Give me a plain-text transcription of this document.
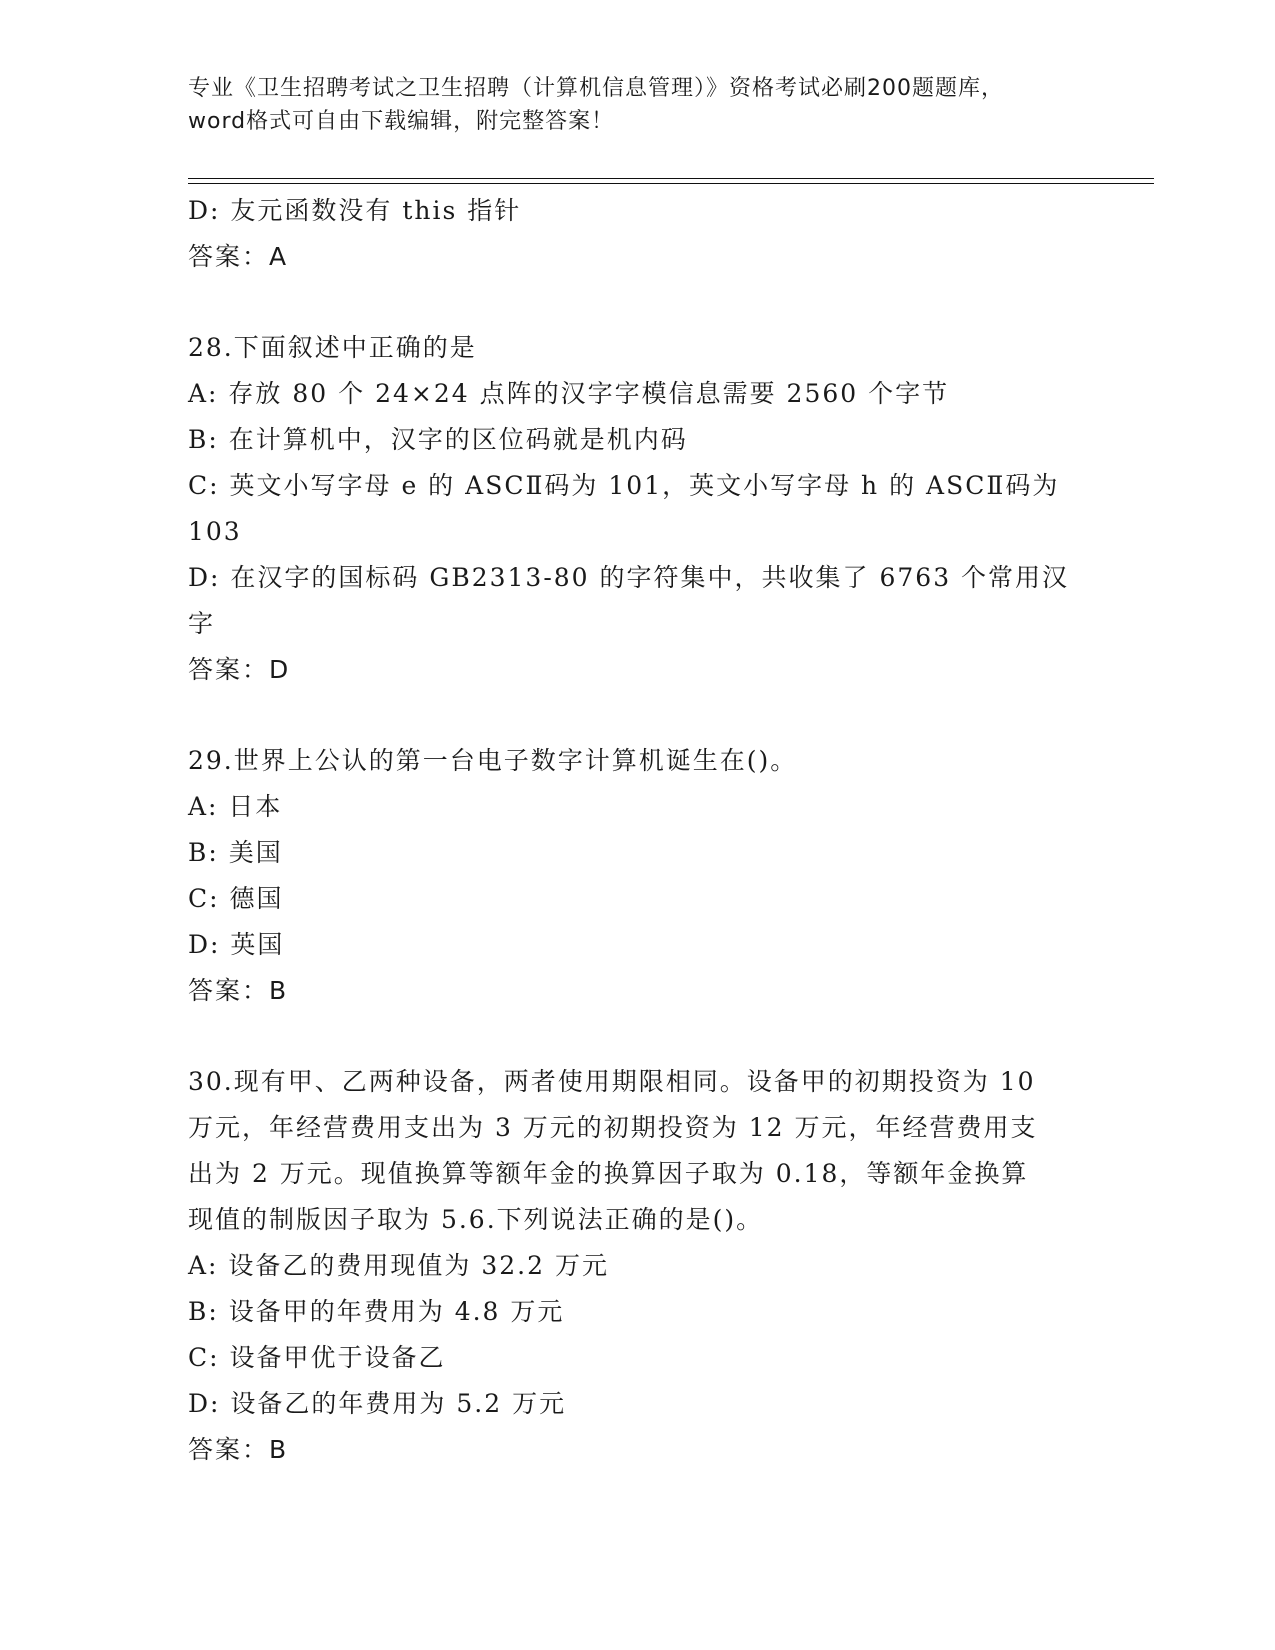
专业《卫生招聘考试之卫生招聘（计算机信息管理）》资格考试必刷200题题库，
word格式可自由下载编辑，附完整答案！

D: 友元函数没有 this 指针

答案：A

28.下面叙述中正确的是

A: 存放 80 个 24×24 点阵的汉字字模信息需要 2560 个字节

B: 在计算机中，汉字的区位码就是机内码

C: 英文小写字母 e 的 ASCⅡ码为 101，英文小写字母 h 的 ASCⅡ码为

103

D: 在汉字的国标码 GB2313-80 的字符集中，共收集了 6763 个常用汉

字

答案：D

29.世界上公认的第一台电子数字计算机诞生在()。

A: 日本

B: 美国

C: 德国

D: 英国

答案：B

30.现有甲、乙两种设备，两者使用期限相同。设备甲的初期投资为 10

万元，年经营费用支出为 3 万元的初期投资为 12 万元，年经营费用支

出为 2 万元。现值换算等额年金的换算因子取为 0.18，等额年金换算

现值的制版因子取为 5.6.下列说法正确的是()。

A: 设备乙的费用现值为 32.2 万元

B: 设备甲的年费用为 4.8 万元

C: 设备甲优于设备乙

D: 设备乙的年费用为 5.2 万元

答案：B
